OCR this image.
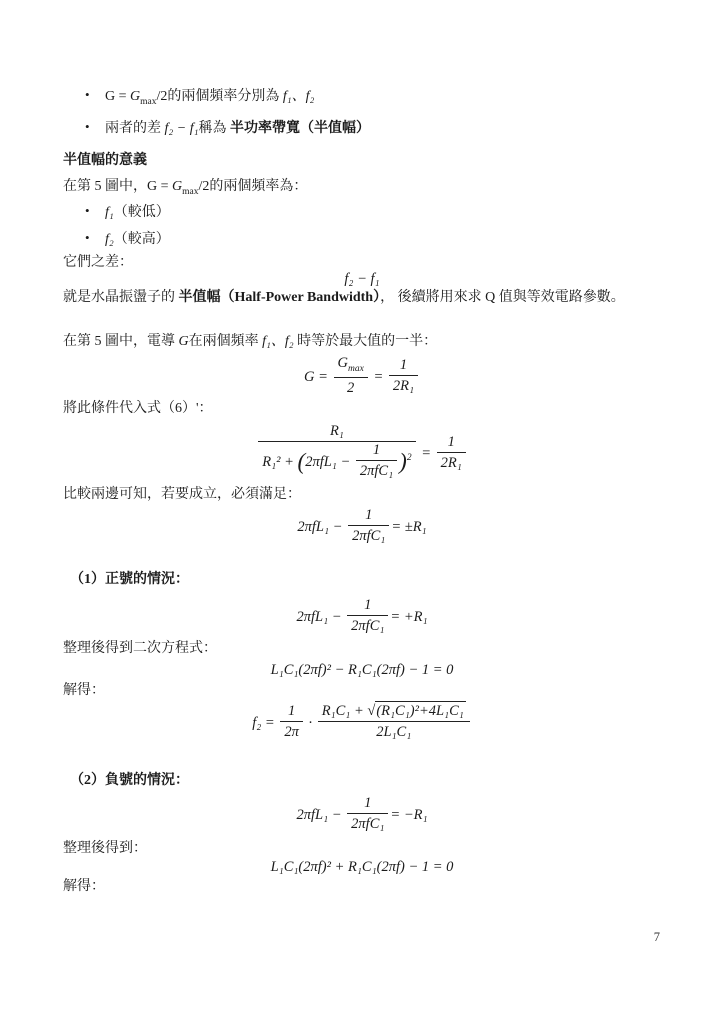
• $G = G_{max}/2$的兩個頻率分別為 f₁、f₂
• 兩者的差 f₂ − f₁稱為 半功率帶寬（半值幅）
半值幅的意義
在第 5 圖中，$G = G_{max}/2$的兩個頻率為：
• f₁（較低）
• f₂（較高）
它們之差：
f₂ − f₁
就是水晶振盪子的 半值幅（Half-Power Bandwidth）， 後續將用來求 Q 值與等效電路參數。
在第 5 圖中，電導 G在兩個頻率 f₁、f₂ 時等於最大值的一半：
$G = \frac{G_{max}}{2} = \frac{1}{\text{2R₁}}$
將此條件代入式（6）'：
$\frac{\text{R₁}}{R_1^2 + (2\pi fL_1 - \frac{1}{\text{2πfC₁}} )^2} = \frac{1}{\text{2R₁}}$
比較兩邊可知，若要成立，必須滿足：
$2\pi fL_1 - \frac{1}{\text{2πfC₁}} = \pm R_1$
（1）正號的情況：
$2\pi fL_1 - \frac{1}{\text{2πfC₁}} = +R_1$
整理後得到二次方程式：
L₁C₁(2πf)² − R₁C₁(2πf) − 1 = 0
解得：
$f_2 = \frac{1}{2\pi} \cdot \frac{\text{R₁C₁ + √(R₁C₁)²+4L₁C₁}}{\text{2L₁C₁}}$
（2）負號的情況：
$2\pi fL_1 - \frac{1}{\text{2πfC₁}} = -R_1$
整理後得到：
L₁C₁(2πf)² + R₁C₁(2πf) − 1 = 0
解得：
7
